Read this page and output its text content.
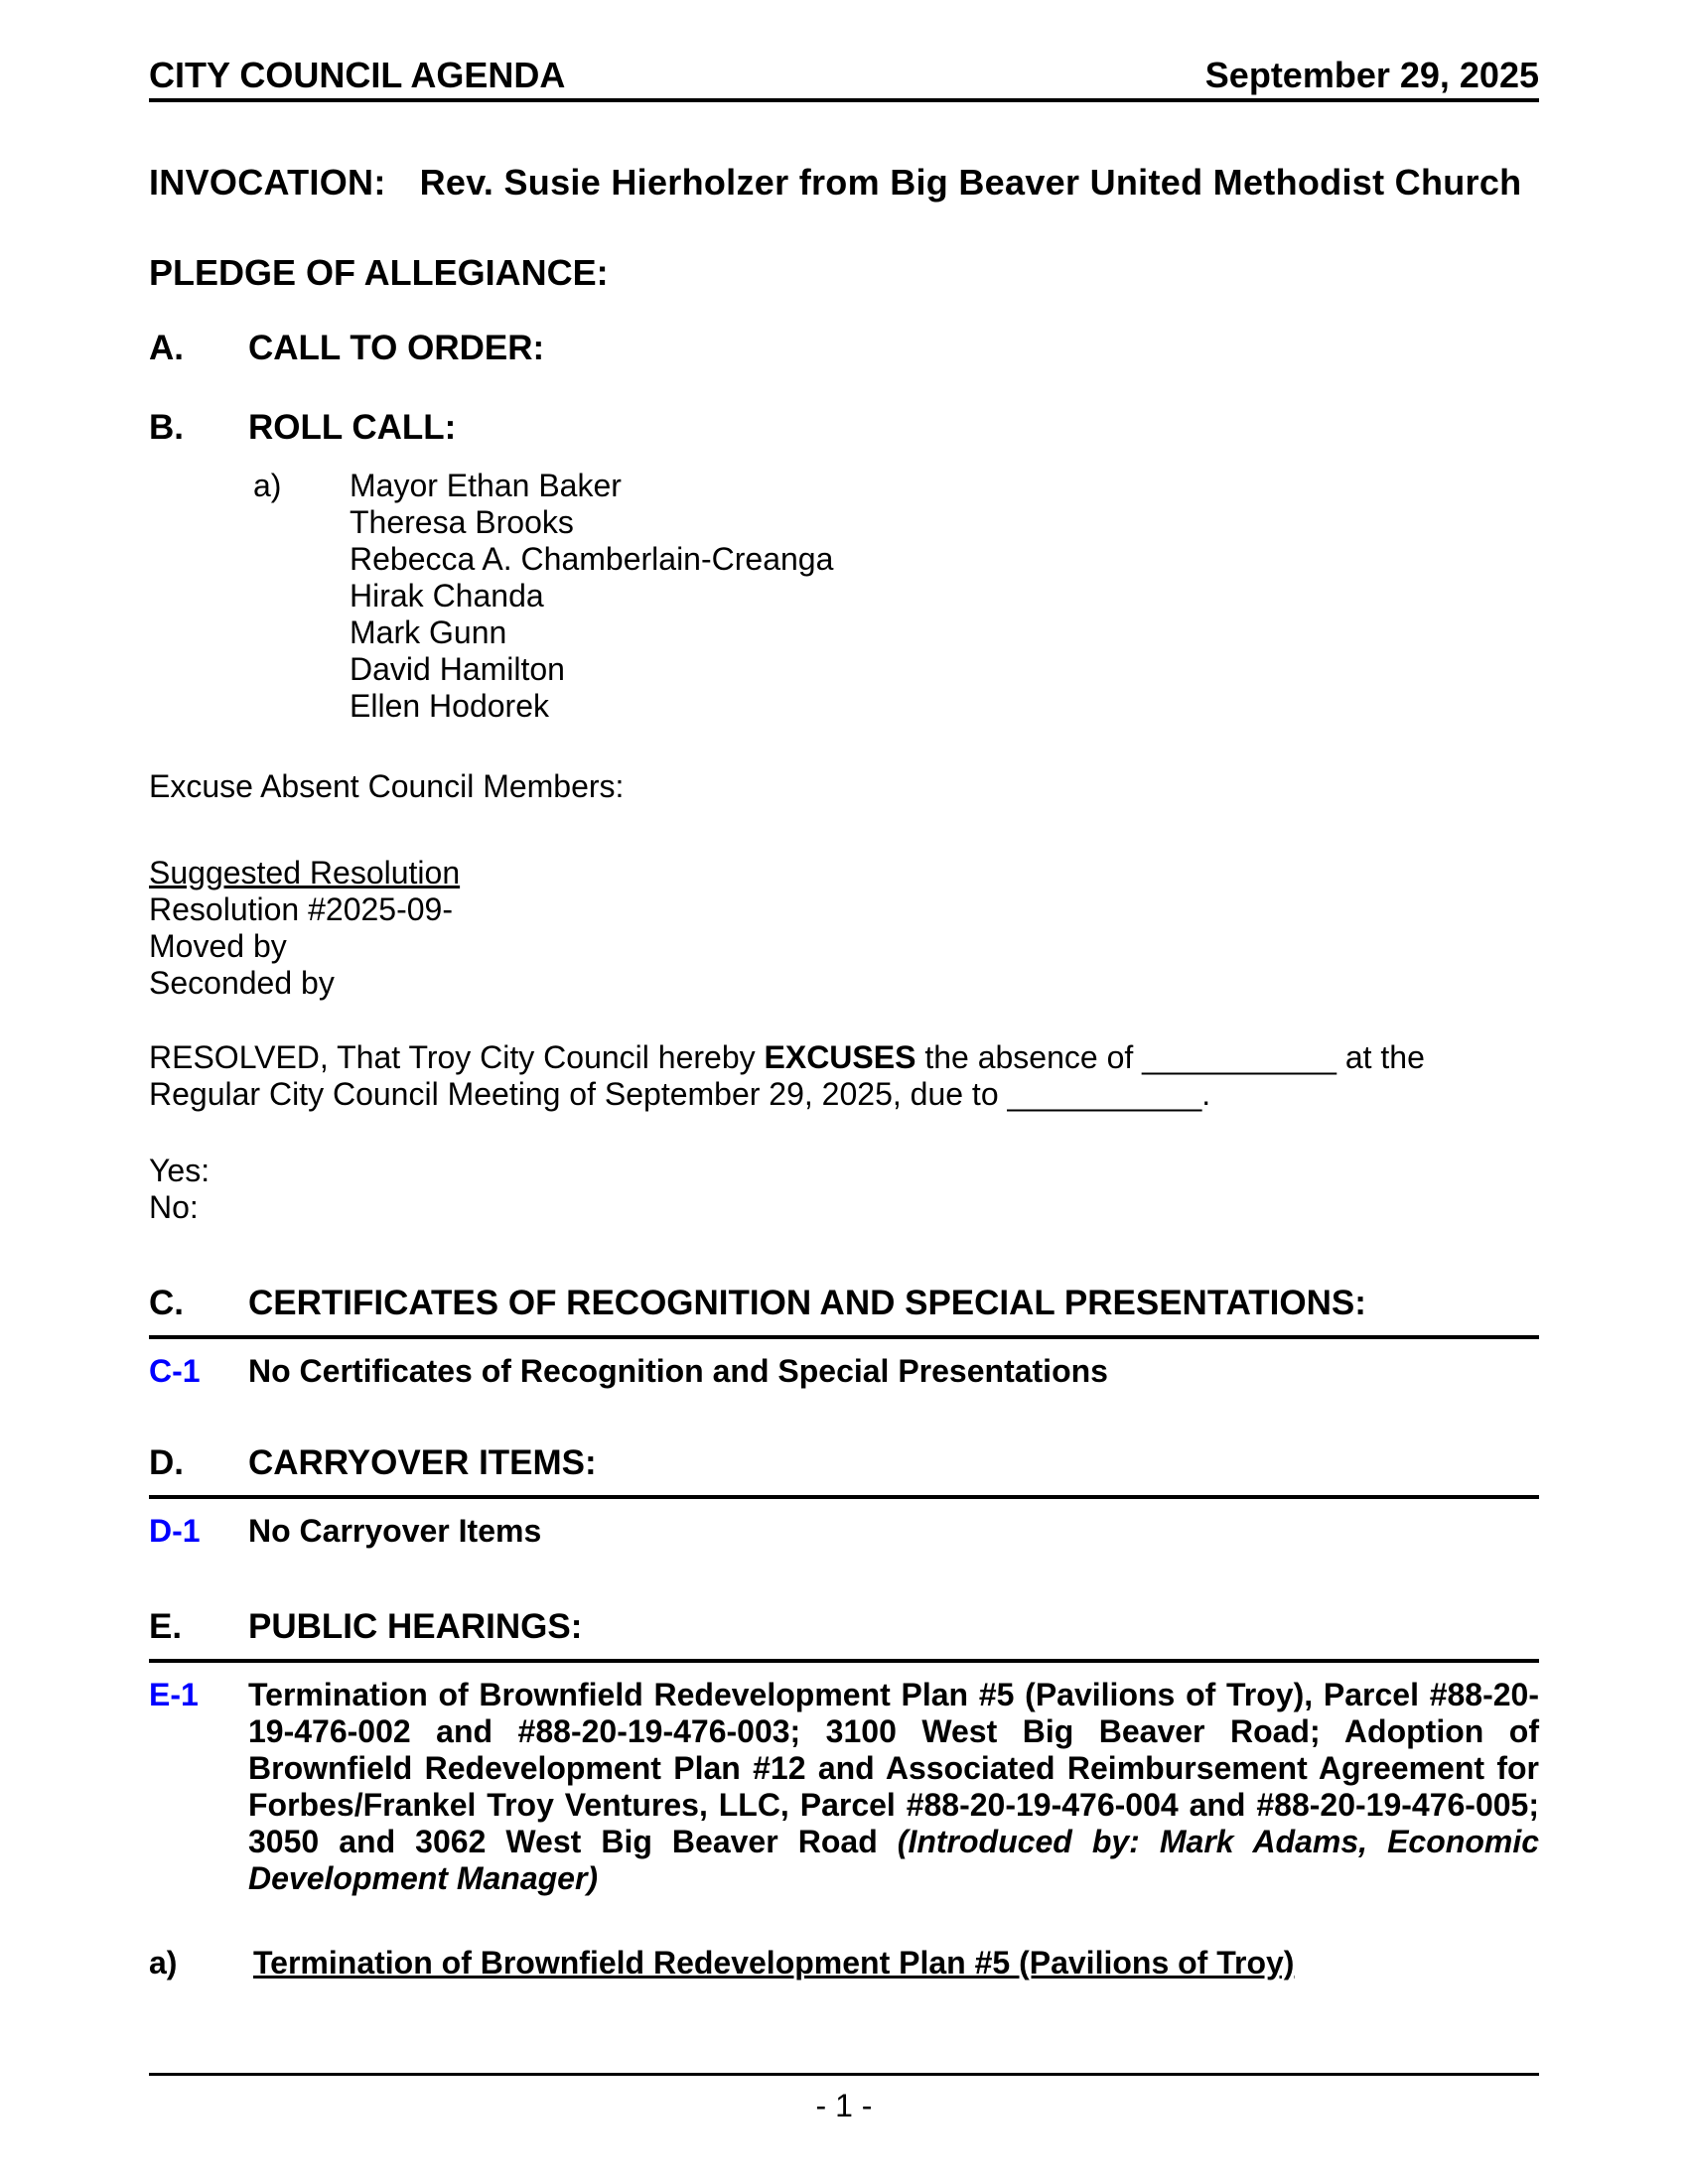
CITY COUNCIL AGENDA	September 29, 2025
INVOCATION: Rev. Susie Hierholzer from Big Beaver United Methodist Church
PLEDGE OF ALLEGIANCE:
A.	CALL TO ORDER:
B.	ROLL CALL:
a)	Mayor Ethan Baker
Theresa Brooks
Rebecca A. Chamberlain-Creanga
Hirak Chanda
Mark Gunn
David Hamilton
Ellen Hodorek
Excuse Absent Council Members:
Suggested Resolution
Resolution #2025-09-
Moved by
Seconded by
RESOLVED, That Troy City Council hereby EXCUSES the absence of ___________ at the
Regular City Council Meeting of September 29, 2025, due to ___________.
Yes:
No:
C.	CERTIFICATES OF RECOGNITION AND SPECIAL PRESENTATIONS:
C-1	No Certificates of Recognition and Special Presentations
D.	CARRYOVER ITEMS:
D-1	No Carryover Items
E.	PUBLIC HEARINGS:
E-1	Termination of Brownfield Redevelopment Plan #5 (Pavilions of Troy), Parcel #88-20-19-476-002 and #88-20-19-476-003; 3100 West Big Beaver Road; Adoption of Brownfield Redevelopment Plan #12 and Associated Reimbursement Agreement for Forbes/Frankel Troy Ventures, LLC, Parcel #88-20-19-476-004 and #88-20-19-476-005; 3050 and 3062 West Big Beaver Road (Introduced by: Mark Adams, Economic Development Manager)
a)	Termination of Brownfield Redevelopment Plan #5 (Pavilions of Troy)
- 1 -
